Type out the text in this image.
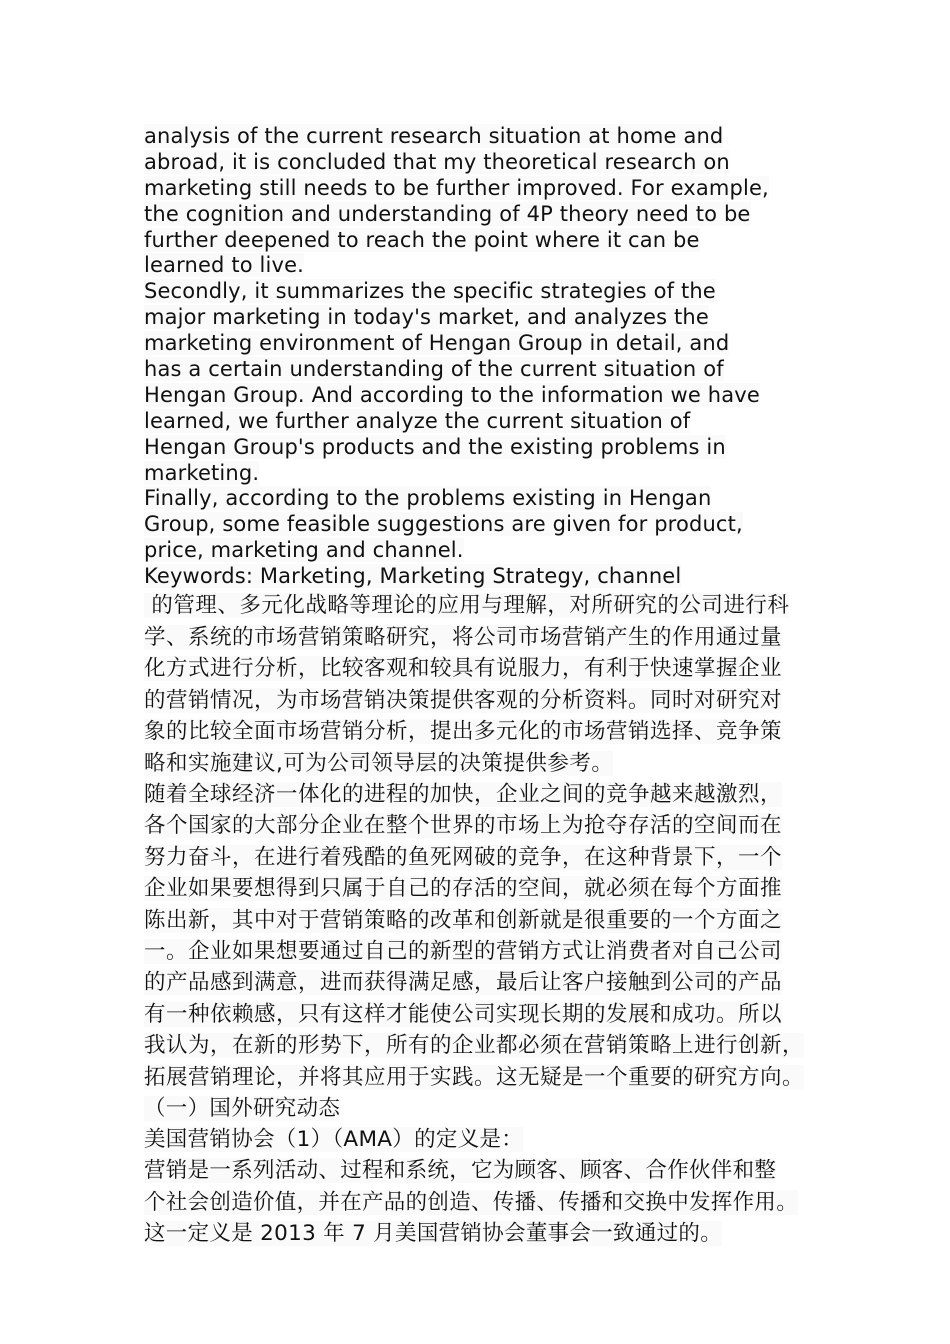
analysis of the current research situation at home and
abroad, it is concluded that my theoretical research on
marketing still needs to be further improved. For example,
the cognition and understanding of 4P theory need to be
further deepened to reach the point where it can be
learned to live.
Secondly, it summarizes the specific strategies of the
major marketing in today's market, and analyzes the
marketing environment of Hengan Group in detail, and
has a certain understanding of the current situation of
Hengan Group. And according to the information we have
learned, we further analyze the current situation of
Hengan Group's products and the existing problems in
marketing.
Finally, according to the problems existing in Hengan
Group, some feasible suggestions are given for product,
price, marketing and channel.
Keywords: Marketing, Marketing Strategy, channel
的管理、多元化战略等理论的应用与理解，对所研究的公司进行科
学、系统的市场营销策略研究，将公司市场营销产生的作用通过量
化方式进行分析，比较客观和较具有说服力，有利于快速掌握企业
的营销情况，为市场营销决策提供客观的分析资料。同时对研究对
象的比较全面市场营销分析，提出多元化的市场营销选择、竞争策
略和实施建议,可为公司领导层的决策提供参考。
随着全球经济一体化的进程的加快，企业之间的竞争越来越激烈，
各个国家的大部分企业在整个世界的市场上为抢夺存活的空间而在
努力奋斗，在进行着残酷的鱼死网破的竞争，在这种背景下，一个
企业如果要想得到只属于自己的存活的空间，就必须在每个方面推
陈出新，其中对于营销策略的改革和创新就是很重要的一个方面之
一。企业如果想要通过自己的新型的营销方式让消费者对自己公司
的产品感到满意，进而获得满足感，最后让客户接触到公司的产品
有一种依赖感，只有这样才能使公司实现长期的发展和成功。所以
我认为，在新的形势下，所有的企业都必须在营销策略上进行创新，
拓展营销理论，并将其应用于实践。这无疑是一个重要的研究方向。
（一）国外研究动态
美国营销协会（1）（AMA）的定义是：
营销是一系列活动、过程和系统，它为顾客、顾客、合作伙伴和整
个社会创造价值，并在产品的创造、传播、传播和交换中发挥作用。
这一定义是 2013 年 7 月美国营销协会董事会一致通过的。
